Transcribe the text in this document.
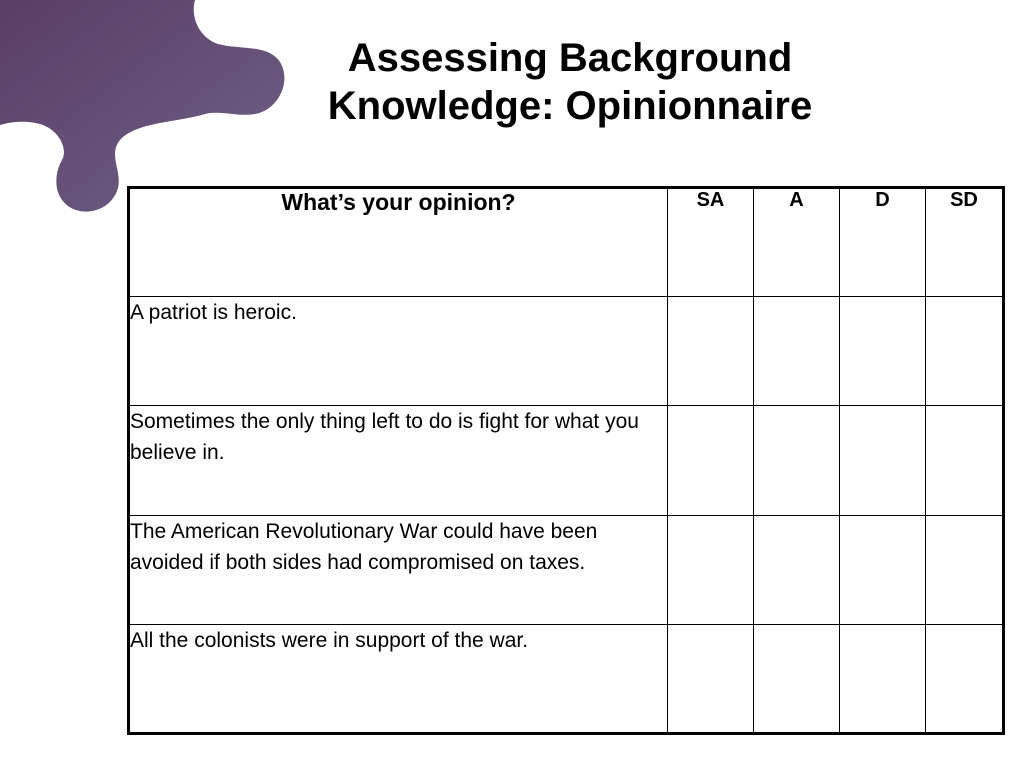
Assessing Background
Knowledge: Opinionnaire
What’s your opinion?	SA	A	D	SD
A patriot is heroic.				
Sometimes the only thing left to do is fight for what you believe in.				
The American Revolutionary War could have been avoided if both sides had compromised on taxes.				
All the colonists were in support of the war.				
